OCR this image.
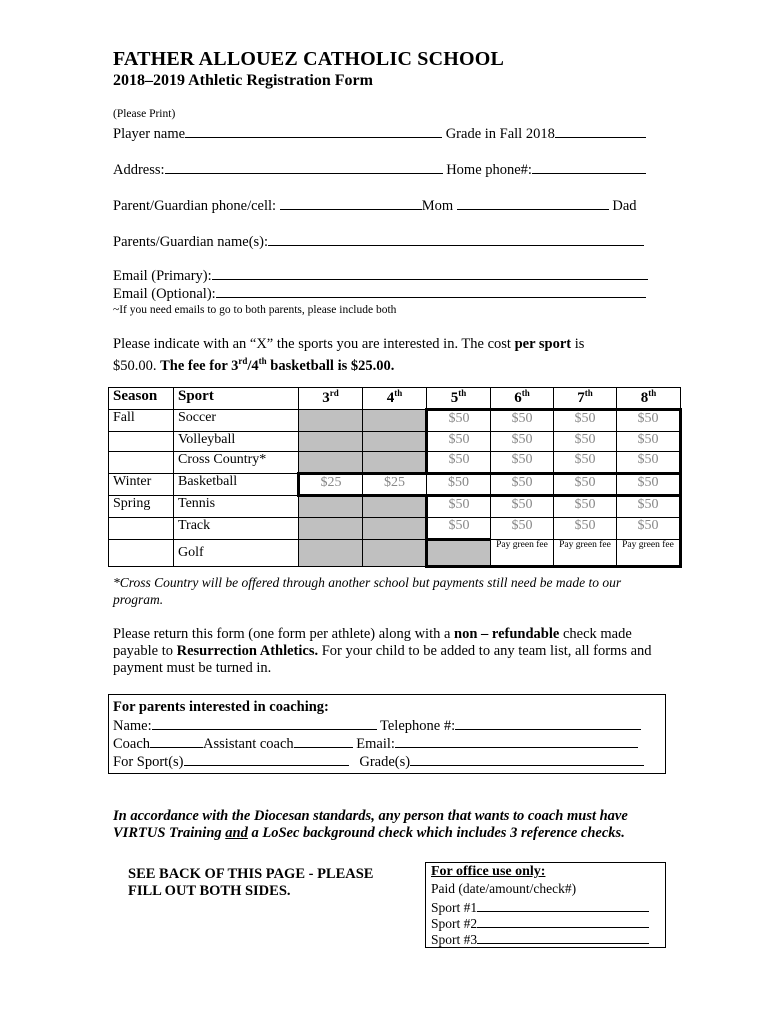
FATHER ALLOUEZ CATHOLIC SCHOOL
2018–2019 Athletic Registration Form
(Please Print)
Player name	Grade in Fall 2018
Address:	Home phone#:
Parent/Guardian phone/cell:	Mom	Dad
Parents/Guardian name(s):
Email (Primary):
Email (Optional):
~If you need emails to go to both parents, please include both
Please indicate with an “X” the sports you are interested in. The cost per sport is
$50.00. The fee for 3rd/4th basketball is $25.00.
Season	Sport	3rd	4th	5th	6th	7th	8th
Fall	Soccer			$50	$50	$50	$50
	Volleyball			$50	$50	$50	$50
	Cross Country*			$50	$50	$50	$50
Winter	Basketball	$25	$25	$50	$50	$50	$50
Spring	Tennis			$50	$50	$50	$50
	Track			$50	$50	$50	$50
	Golf				Pay green fee	Pay green fee	Pay green fee
*Cross Country will be offered through another school but payments still need be made to our program.
Please return this form (one form per athlete) along with a non – refundable check made payable to Resurrection Athletics. For your child to be added to any team list, all forms and payment must be turned in.
For parents interested in coaching:
Name:	Telephone #:
Coach	Assistant coach	Email:
For Sport(s)	Grade(s)
In accordance with the Diocesan standards, any person that wants to coach must have VIRTUS Training and a LoSec background check which includes 3 reference checks.
SEE BACK OF THIS PAGE - PLEASE FILL OUT BOTH SIDES.
For office use only:
Paid (date/amount/check#)
Sport #1
Sport #2
Sport #3
